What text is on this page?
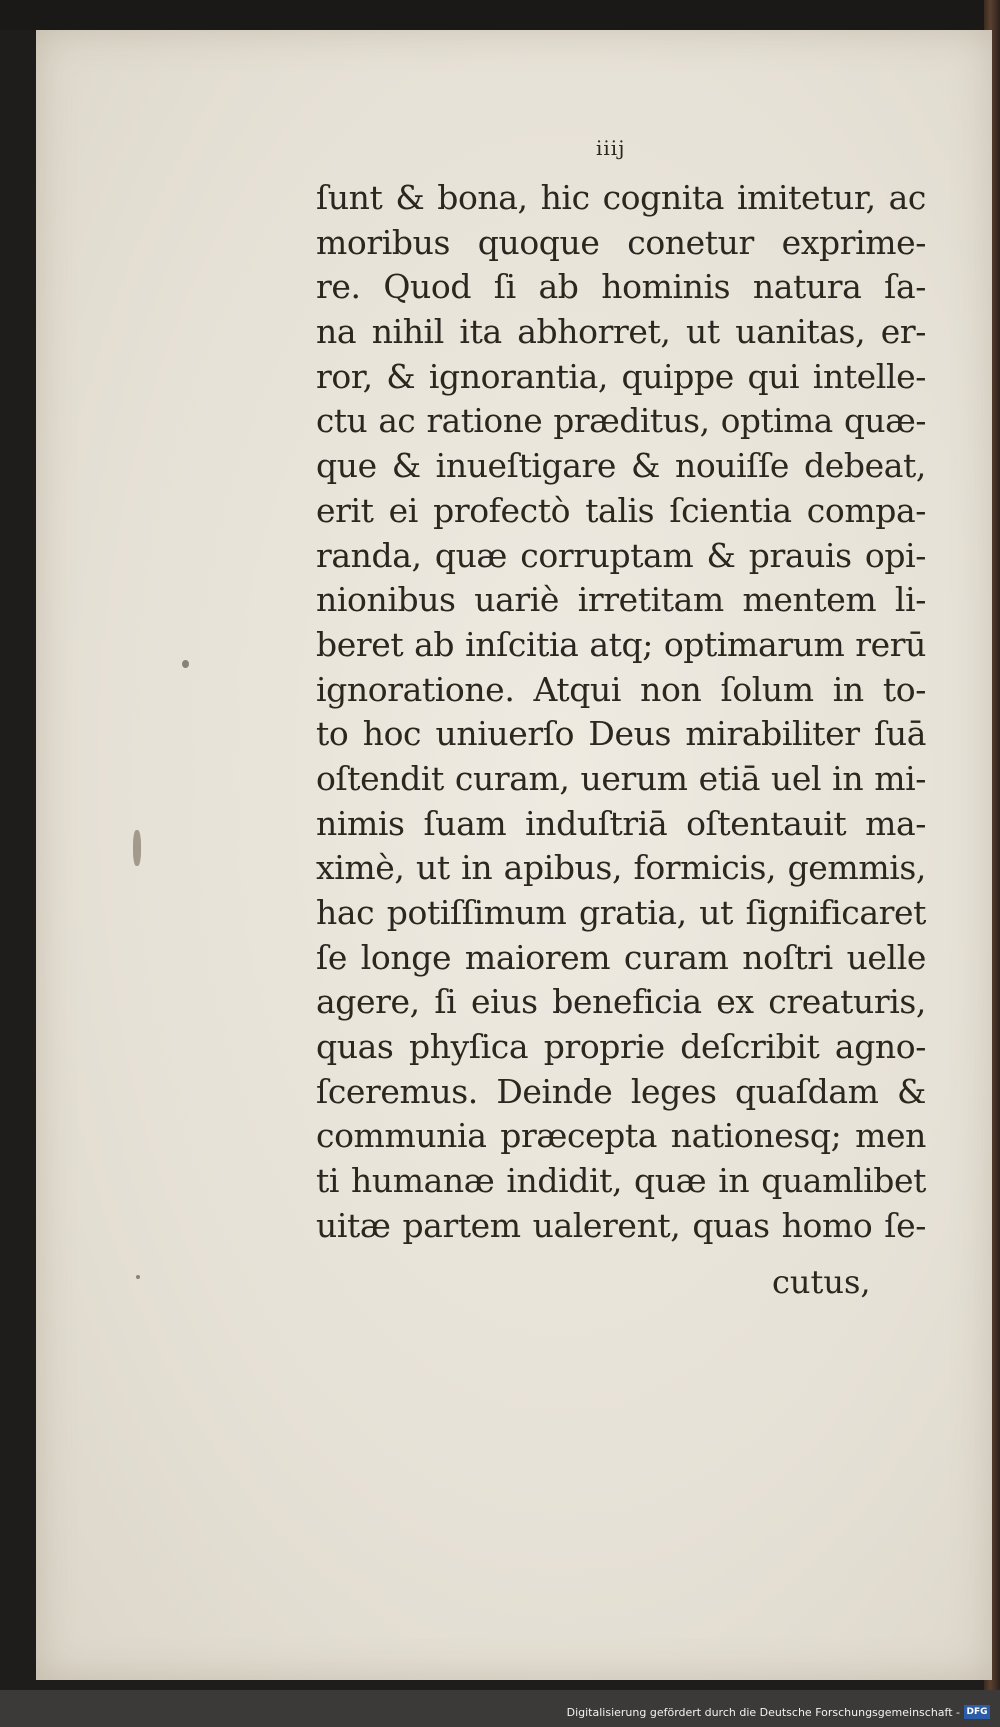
iiij
ſunt & bona, hic cognita imitetur, ac
moribus quoque conetur exprime-
re. Quod ſi ab hominis natura ſa-
na nihil ita abhorret, ut uanitas, er-
ror, & ignorantia, quippe qui intelle-
ctu ac ratione præditus, optima quæ-
que & inueſtigare & nouiſſe debeat,
erit ei profectò talis ſcientia compa-
randa, quæ corruptam & prauis opi-
nionibus uariè irretitam mentem li-
beret ab inſcitia atq; optimarum rerū
ignoratione. Atqui non ſolum in to-
to hoc uniuerſo Deus mirabiliter ſuā
oſtendit curam, uerum etiā uel in mi-
nimis ſuam induſtriā oſtentauit ma-
ximè, ut in apibus, formicis, gemmis,
hac potiſſimum gratia, ut ſignificaret
ſe longe maiorem curam noſtri uelle
agere, ſi eius beneficia ex creaturis,
quas phyſica proprie deſcribit agno-
ſceremus. Deinde leges quaſdam &
communia præcepta nationesq; men
ti humanæ indidit, quæ in quamlibet
uitæ partem ualerent, quas homo ſe-
cutus,
Digitalisierung gefördert durch die Deutsche Forschungsgemeinschaft - DFG
